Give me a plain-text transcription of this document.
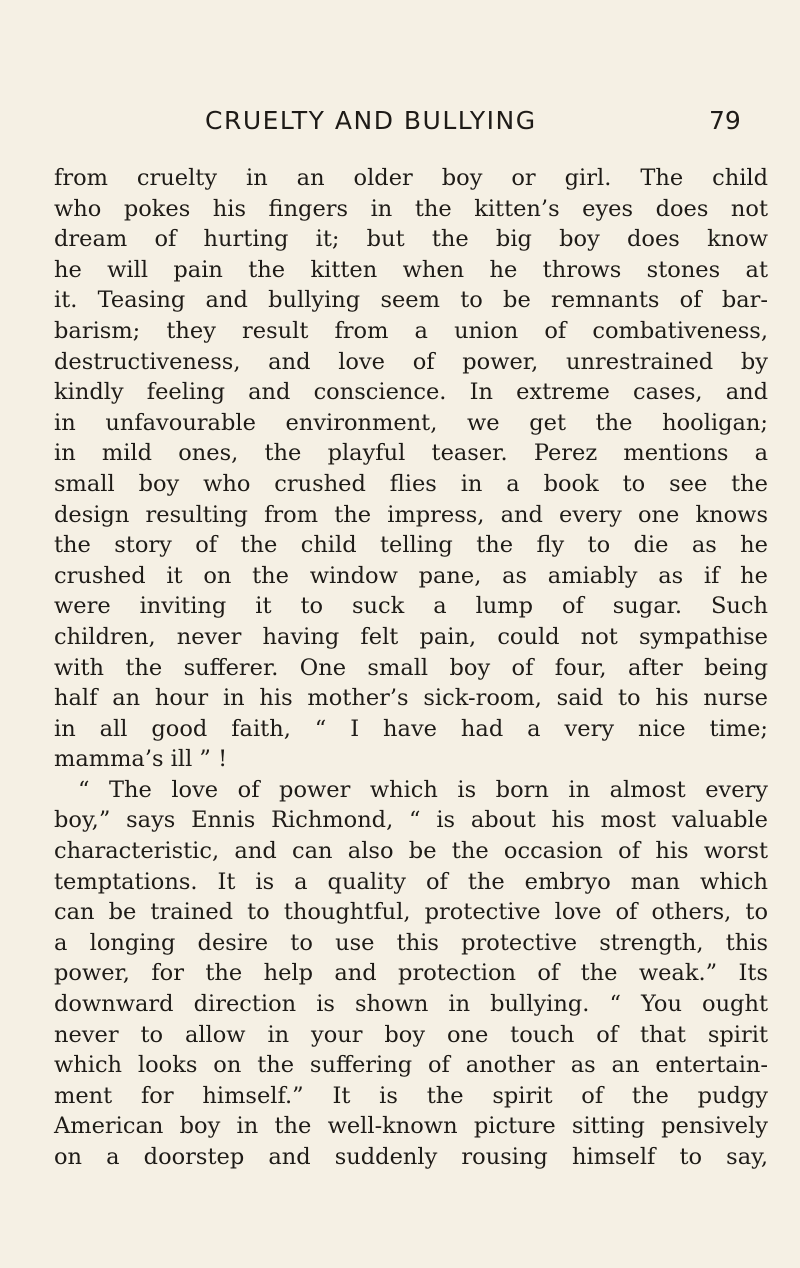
CRUELTY AND BULLYING	79
from cruelty in an older boy or girl. The child
who pokes his fingers in the kitten’s eyes does not
dream of hurting it; but the big boy does know
he will pain the kitten when he throws stones at
it. Teasing and bullying seem to be remnants of bar-
barism; they result from a union of combativeness,
destructiveness, and love of power, unrestrained by
kindly feeling and conscience. In extreme cases, and
in unfavourable environment, we get the hooligan;
in mild ones, the playful teaser. Perez mentions a
small boy who crushed flies in a book to see the
design resulting from the impress, and every one knows
the story of the child telling the fly to die as he
crushed it on the window pane, as amiably as if he
were inviting it to suck a lump of sugar. Such
children, never having felt pain, could not sympathise
with the sufferer. One small boy of four, after being
half an hour in his mother’s sick-room, said to his nurse
in all good faith, “ I have had a very nice time;
mamma’s ill ” !
“ The love of power which is born in almost every
boy,” says Ennis Richmond, “ is about his most valuable
characteristic, and can also be the occasion of his worst
temptations. It is a quality of the embryo man which
can be trained to thoughtful, protective love of others, to
a longing desire to use this protective strength, this
power, for the help and protection of the weak.” Its
downward direction is shown in bullying. “ You ought
never to allow in your boy one touch of that spirit
which looks on the suffering of another as an entertain-
ment for himself.” It is the spirit of the pudgy
American boy in the well-known picture sitting pensively
on a doorstep and suddenly rousing himself to say,
